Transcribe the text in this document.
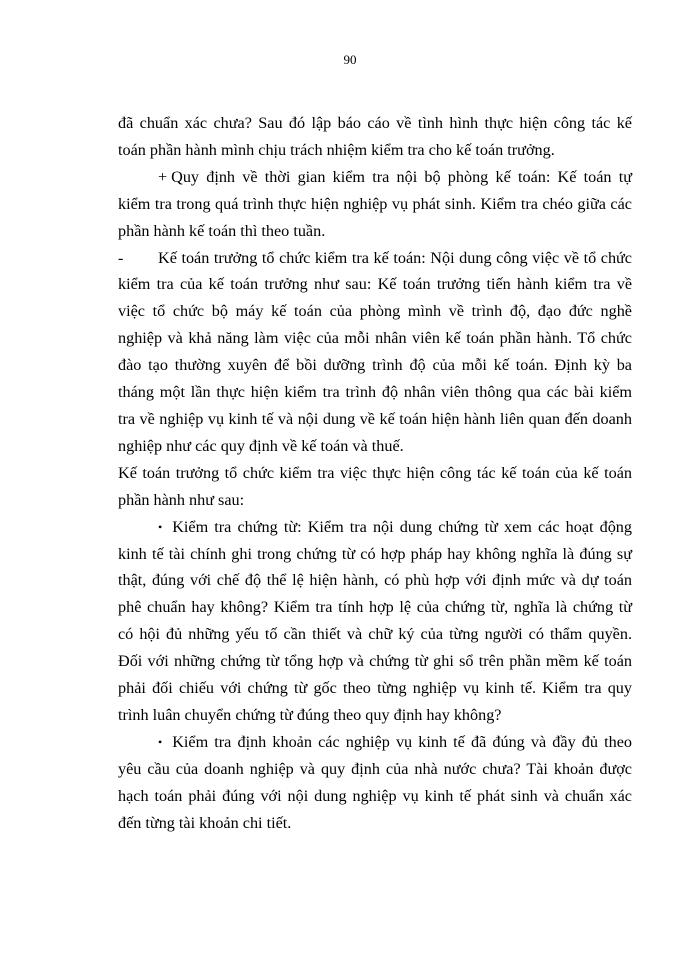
90
đã chuẩn xác chưa? Sau đó lập báo cáo về tình hình thực hiện công tác kế
toán phần hành mình chịu trách nhiệm kiểm tra cho kế toán trưởng.
+ Quy định về thời gian kiểm tra nội bộ phòng kế toán: Kế toán tự
kiểm tra trong quá trình thực hiện nghiệp vụ phát sinh. Kiểm tra chéo giữa các
phần hành kế toán thì theo tuần.
- Kế toán trưởng tổ chức kiểm tra kế toán: Nội dung công việc về tổ chức
kiểm tra của kế toán trưởng như sau: Kế toán trưởng tiến hành kiểm tra về
việc tổ chức bộ máy kế toán của phòng mình về trình độ, đạo đức nghề
nghiệp và khả năng làm việc của mỗi nhân viên kế toán phần hành. Tổ chức
đào tạo thường xuyên để bồi dưỡng trình độ của mỗi kế toán. Định kỳ ba
tháng một lần thực hiện kiểm tra trình độ nhân viên thông qua các bài kiểm
tra về nghiệp vụ kinh tế và nội dung về kế toán hiện hành liên quan đến doanh
nghiệp như các quy định về kế toán và thuế.
Kế toán trưởng tổ chức kiểm tra việc thực hiện công tác kế toán của kế toán
phần hành như sau:
• Kiểm tra chứng từ: Kiểm tra nội dung chứng từ xem các hoạt động
kinh tế tài chính ghi trong chứng từ có hợp pháp hay không nghĩa là đúng sự
thật, đúng với chế độ thể lệ hiện hành, có phù hợp với định mức và dự toán
phê chuẩn hay không? Kiểm tra tính hợp lệ của chứng từ, nghĩa là chứng từ
có hội đủ những yếu tố cần thiết và chữ ký của từng người có thẩm quyền.
Đối với những chứng từ tổng hợp và chứng từ ghi sổ trên phần mềm kế toán
phải đối chiếu với chứng từ gốc theo từng nghiệp vụ kinh tế. Kiểm tra quy
trình luân chuyển chứng từ đúng theo quy định hay không?
• Kiểm tra định khoản các nghiệp vụ kinh tế đã đúng và đầy đủ theo
yêu cầu của doanh nghiệp và quy định của nhà nước chưa? Tài khoản được
hạch toán phải đúng với nội dung nghiệp vụ kinh tế phát sinh và chuẩn xác
đến từng tài khoản chi tiết.
